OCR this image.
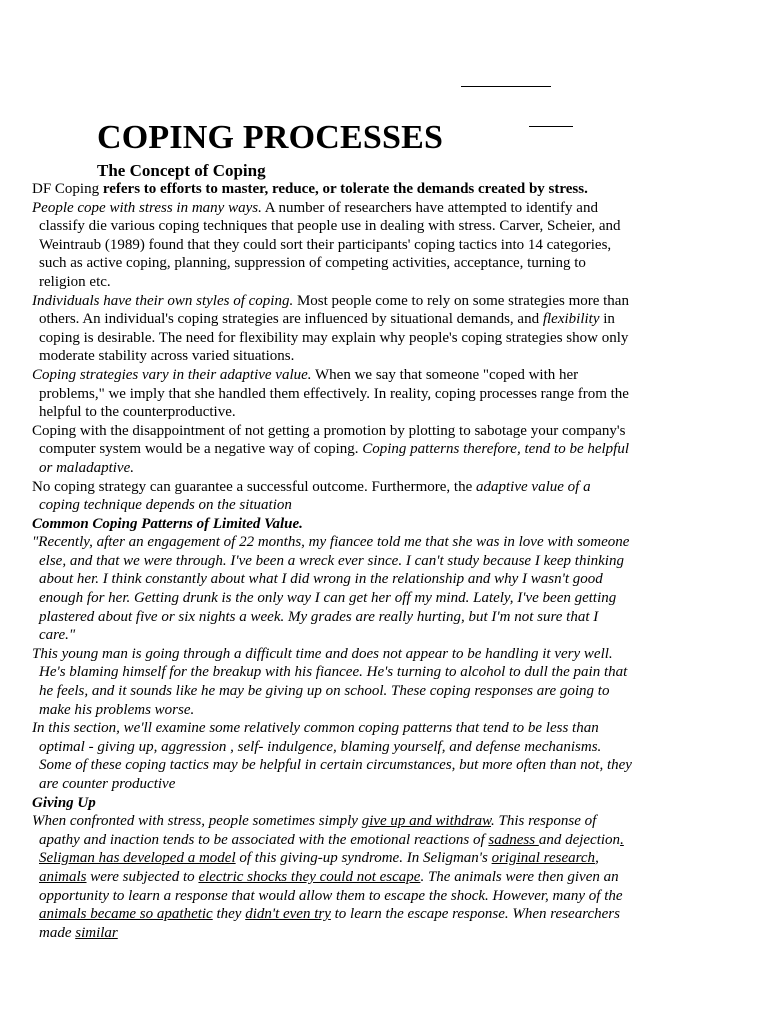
COPING PROCESSES
The Concept of Coping

DF Coping refers to efforts to master, reduce, or tolerate the demands created by stress.

People cope with stress in many ways. A number of researchers have attempted to identify and classify die various coping techniques that people use in dealing with stress. Carver, Scheier, and Weintraub (1989) found that they could sort their participants' coping tactics into 14 categories, such as active coping, planning, suppression of competing activities, acceptance, turning to religion etc.

Individuals have their own styles of coping. Most people come to rely on some strategies more than others. An individual's coping strategies are influenced by situational demands, and flexibility in coping is desirable. The need for flexibility may explain why people's coping strategies show only moderate stability across varied situations.

Coping strategies vary in their adaptive value. When we say that someone "coped with her problems," we imply that she handled them effectively. In reality, coping processes range from the helpful to the counterproductive.

Coping with the disappointment of not getting a promotion by plotting to sabotage your company's computer system would be a negative way of coping. Coping patterns therefore, tend to be helpful or maladaptive.

No coping strategy can guarantee a successful outcome. Furthermore, the adaptive value of a coping technique depends on the situation

Common Coping Patterns of Limited Value.

"Recently, after an engagement of 22 months, my fiancee told me that she was in love with someone else, and that we were through. I've been a wreck ever since. I can't study because I keep thinking about her. I think constantly about what I did wrong in the relationship and why I wasn't good enough for her. Getting drunk is the only way I can get her off my mind. Lately, I've been getting plastered about five or six nights a week. My grades are really hurting, but I'm not sure that I care."

This young man is going through a difficult time and does not appear to be handling it very well. He's blaming himself for the breakup with his fiancee. He's turning to alcohol to dull the pain that he feels, and it sounds like he may be giving up on school. These coping responses are going to make his problems worse.

In this section, we'll examine some relatively common coping patterns that tend to be less than optimal - giving up, aggression , self- indulgence, blaming yourself, and defense mechanisms. Some of these coping tactics may be helpful in certain circumstances, but more often than not, they are counter productive

Giving Up

When confronted with stress, people sometimes simply give up and withdraw. This response of apathy and inaction tends to be associated with the emotional reactions of sadness and dejection. Seligman has developed a model of this giving-up syndrome. In Seligman's original research, animals were subjected to electric shocks they could not escape. The animals were then given an opportunity to learn a response that would allow them to escape the shock. However, many of the animals became so apathetic they didn't even try to learn the escape response. When researchers made similar
